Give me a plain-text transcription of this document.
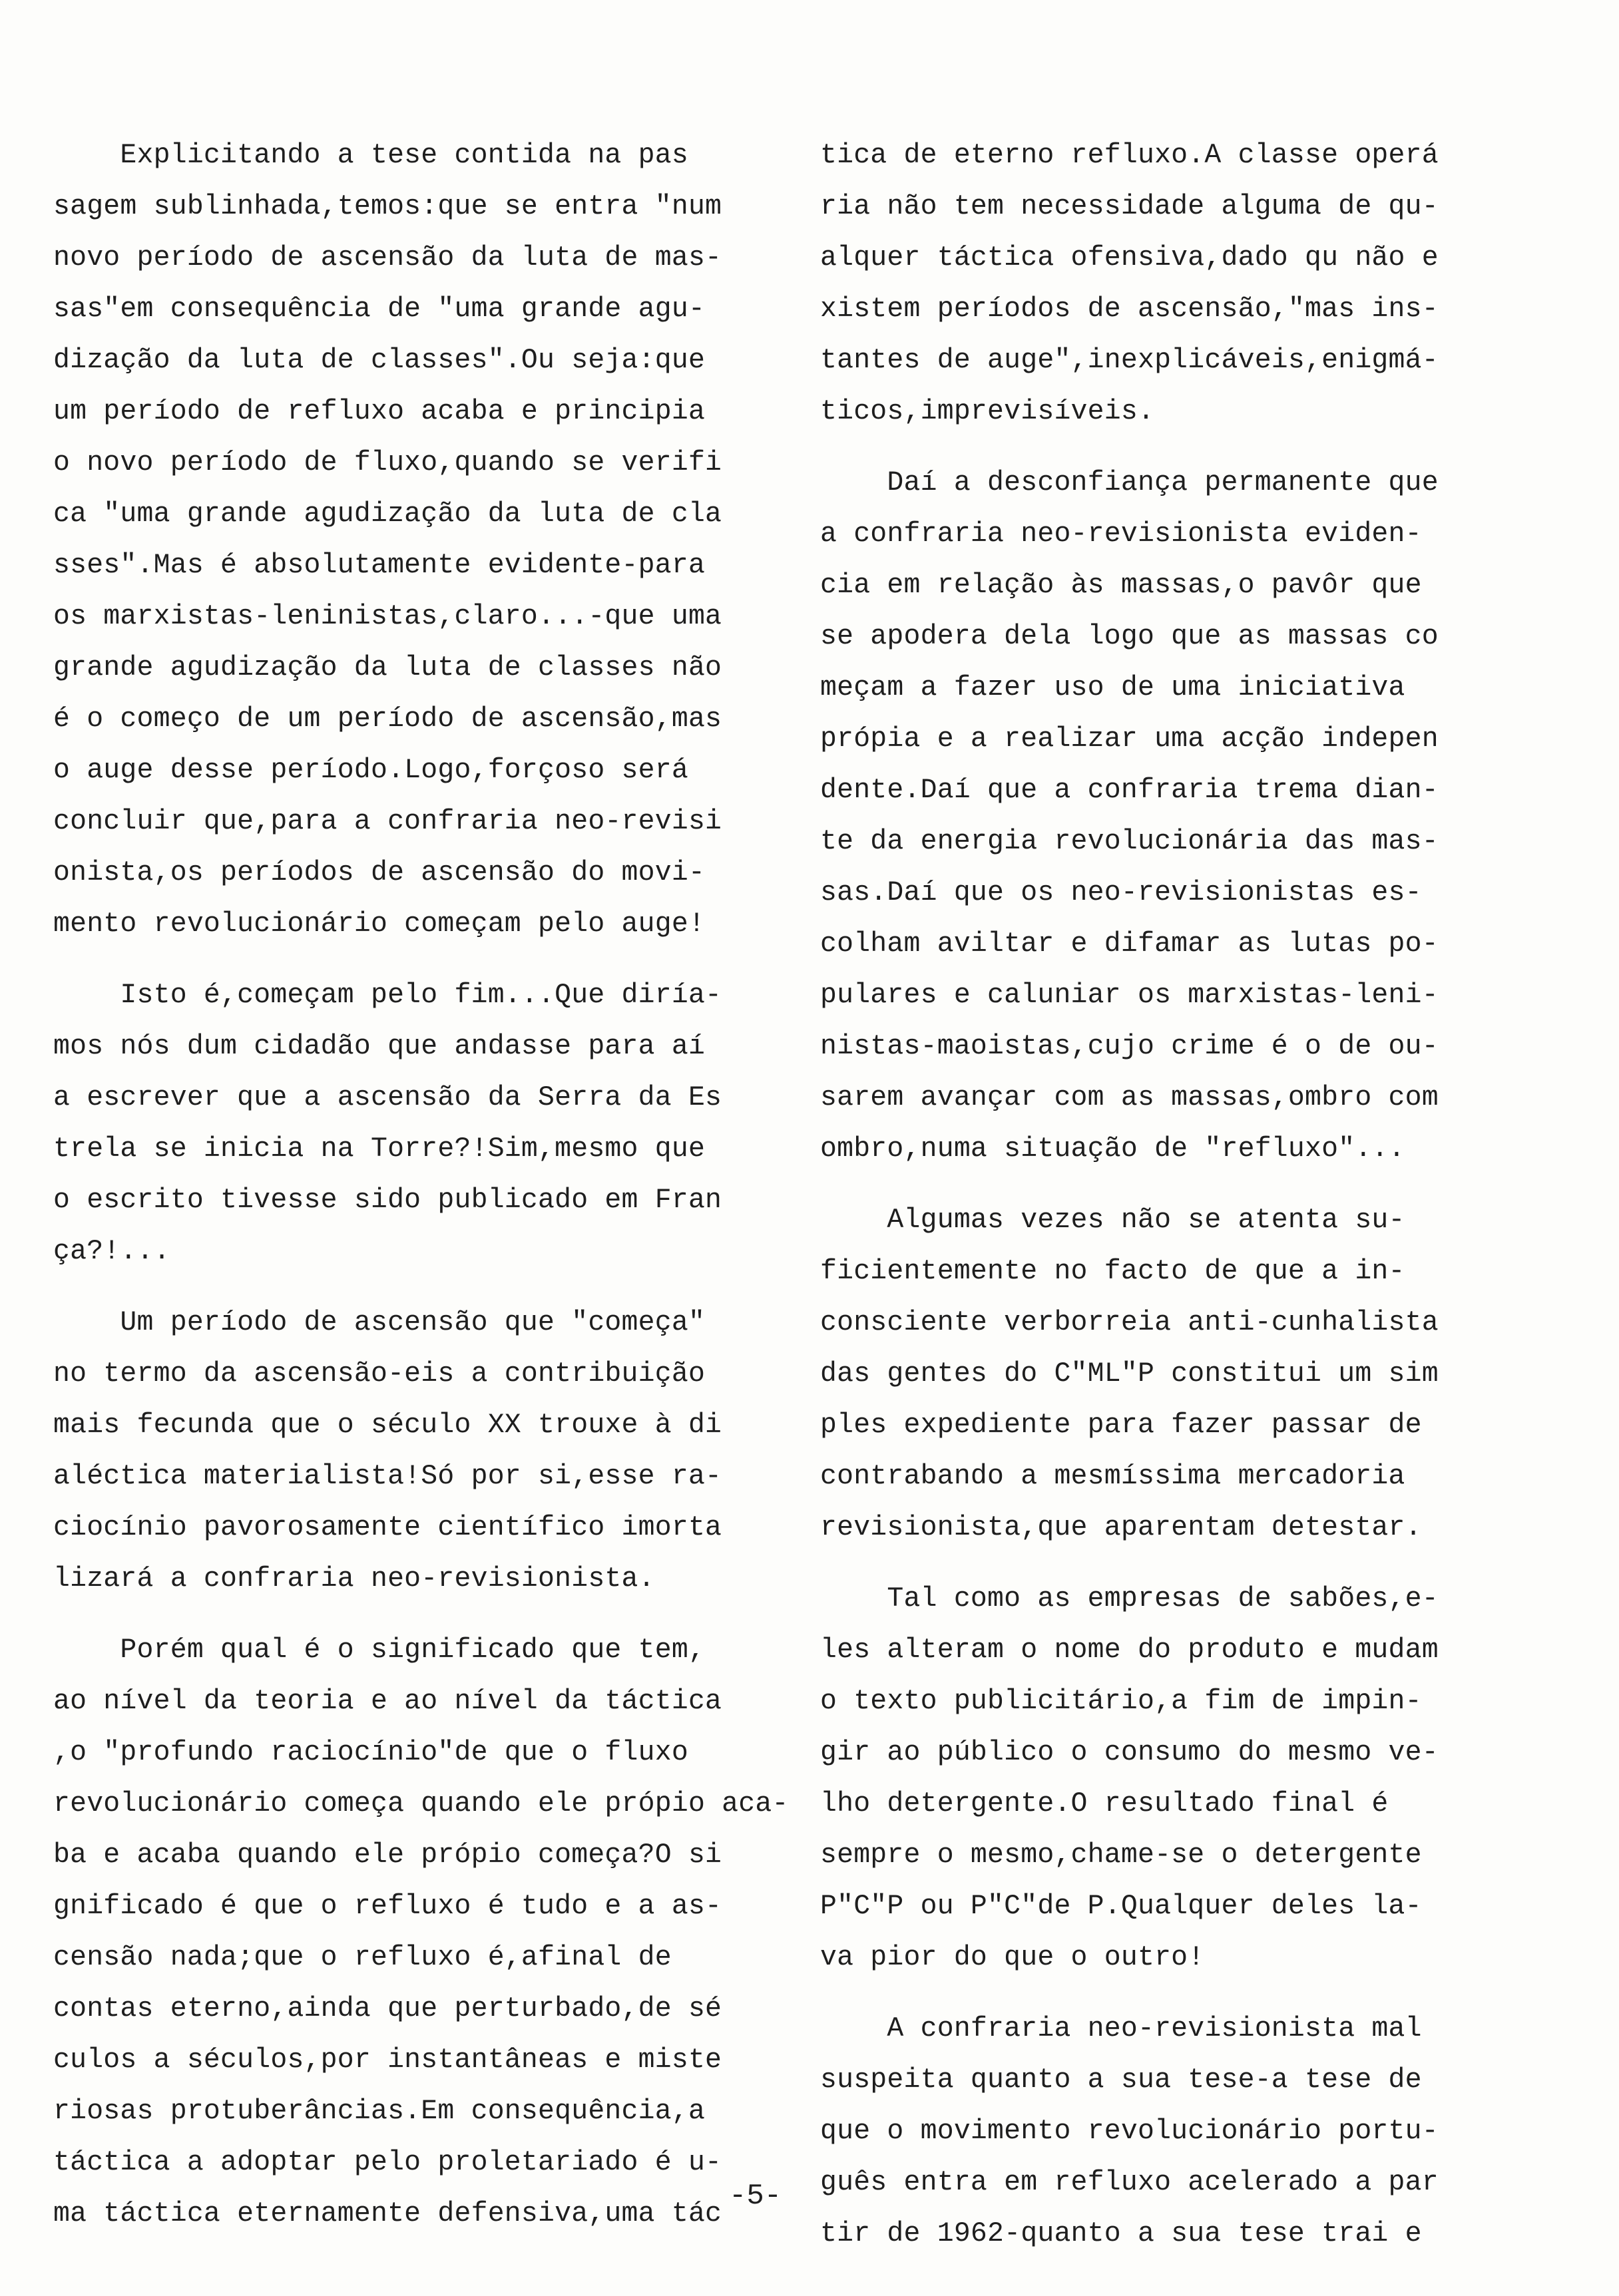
Explicitando a tese contida na pas
sagem sublinhada,temos:que se entra "num
novo período de ascensão da luta de mas-
sas"em consequência de "uma grande agu-
dização da luta de classes".Ou seja:que
um período de refluxo acaba e principia
o novo período de fluxo,quando se verifi
ca "uma grande agudização da luta de cla
sses".Mas é absolutamente evidente-para
os marxistas-leninistas,claro...-que uma
grande agudização da luta de classes não
é o começo de um período de ascensão,mas
o auge desse período.Logo,forçoso será
concluir que,para a confraria neo-revisi
onista,os períodos de ascensão do movi-
mento revolucionário começam pelo auge!
Isto é,começam pelo fim...Que diría-
mos nós dum cidadão que andasse para aí
a escrever que a ascensão da Serra da Es
trela se inicia na Torre?!Sim,mesmo que
o escrito tivesse sido publicado em Fran
ça?!...
Um período de ascensão que "começa"
no termo da ascensão-eis a contribuição
mais fecunda que o século XX trouxe à di
aléctica materialista!Só por si,esse ra-
ciocínio pavorosamente científico imorta
lizará a confraria neo-revisionista.
Porém qual é o significado que tem,
ao nível da teoria e ao nível da táctica
,o "profundo raciocínio"de que o fluxo
revolucionário começa quando ele própio aca-
ba e acaba quando ele própio começa?O si
gnificado é que o refluxo é tudo e a as-
censão nada;que o refluxo é,afinal de
contas eterno,ainda que perturbado,de sé
culos a séculos,por instantâneas e miste
riosas protuberâncias.Em consequência,a
táctica a adoptar pelo proletariado é u-
ma táctica eternamente defensiva,uma tác
tica de eterno refluxo.A classe operá
ria não tem necessidade alguma de qu-
alquer táctica ofensiva,dado qu não e
xistem períodos de ascensão,"mas ins-
tantes de auge",inexplicáveis,enigmá-
ticos,imprevisíveis.
Daí a desconfiança permanente que
a confraria neo-revisionista eviden-
cia em relação às massas,o pavôr que
se apodera dela logo que as massas co
meçam a fazer uso de uma iniciativa
própia e a realizar uma acção indepen
dente.Daí que a confraria trema dian-
te da energia revolucionária das mas-
sas.Daí que os neo-revisionistas es-
colham aviltar e difamar as lutas po-
pulares e caluniar os marxistas-leni-
nistas-maoistas,cujo crime é o de ou-
sarem avançar com as massas,ombro com
ombro,numa situação de "refluxo"...
Algumas vezes não se atenta su-
ficientemente no facto de que a in-
consciente verborreia anti-cunhalista
das gentes do C"ML"P constitui um sim
ples expediente para fazer passar de
contrabando a mesmíssima mercadoria
revisionista,que aparentam detestar.
Tal como as empresas de sabões,e-
les alteram o nome do produto e mudam
o texto publicitário,a fim de impin-
gir ao público o consumo do mesmo ve-
lho detergente.O resultado final é
sempre o mesmo,chame-se o detergente
P"C"P ou P"C"de P.Qualquer deles la-
va pior do que o outro!
A confraria neo-revisionista mal
suspeita quanto a sua tese-a tese de
que o movimento revolucionário portu-
guês entra em refluxo acelerado a par
tir de 1962-quanto a sua tese trai e
-5-
